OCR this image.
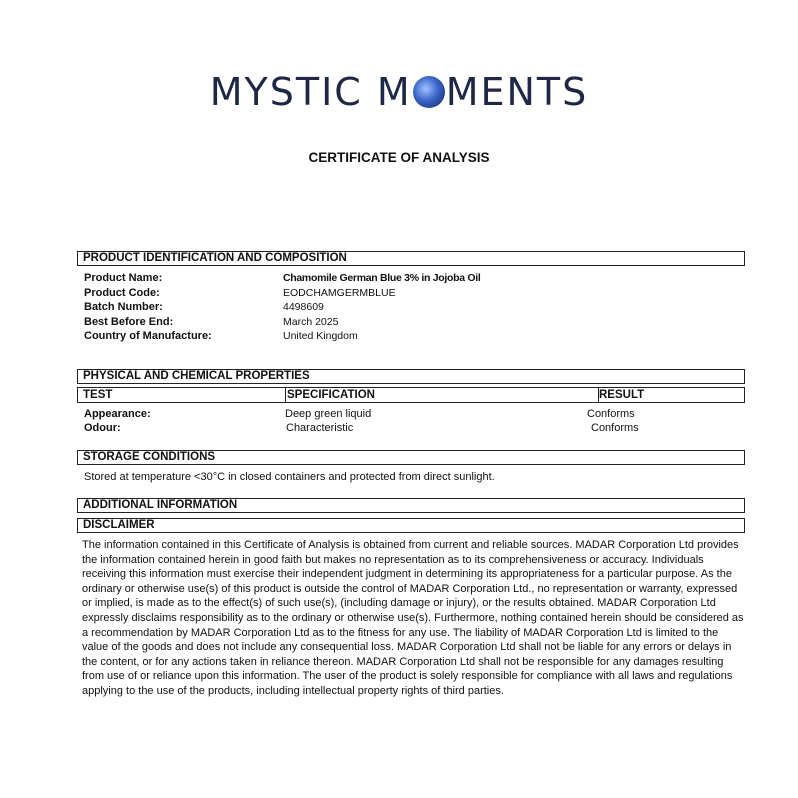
MYSTIC M MENTS
CERTIFICATE OF ANALYSIS
PRODUCT IDENTIFICATION AND COMPOSITION
Product Name:	Chamomile German Blue 3% in Jojoba Oil
Product Code:	EODCHAMGERMBLUE
Batch Number:	4498609
Best Before End:	March 2025
Country of Manufacture:	United Kingdom
PHYSICAL AND CHEMICAL PROPERTIES
TEST	SPECIFICATION	RESULT
Appearance:	Deep green liquid	Conforms
Odour:	Characteristic	Conforms
STORAGE CONDITIONS
Stored at temperature <30°C in closed containers and protected from direct sunlight.
ADDITIONAL INFORMATION
DISCLAIMER
The information contained in this Certificate of Analysis is obtained from current and reliable sources. MADAR Corporation Ltd provides the information contained herein in good faith but makes no representation as to its comprehensiveness or accuracy. Individuals receiving this information must exercise their independent judgment in determining its appropriateness for a particular purpose. As the ordinary or otherwise use(s) of this product is outside the control of MADAR Corporation Ltd., no representation or warranty, expressed or implied, is made as to the effect(s) of such use(s), (including damage or injury), or the results obtained. MADAR Corporation Ltd expressly disclaims responsibility as to the ordinary or otherwise use(s). Furthermore, nothing contained herein should be considered as a recommendation by MADAR Corporation Ltd as to the fitness for any use. The liability of MADAR Corporation Ltd is limited to the value of the goods and does not include any consequential loss. MADAR Corporation Ltd shall not be liable for any errors or delays in the content, or for any actions taken in reliance thereon. MADAR Corporation Ltd shall not be responsible for any damages resulting from use of or reliance upon this information. The user of the product is solely responsible for compliance with all laws and regulations applying to the use of the products, including intellectual property rights of third parties.
